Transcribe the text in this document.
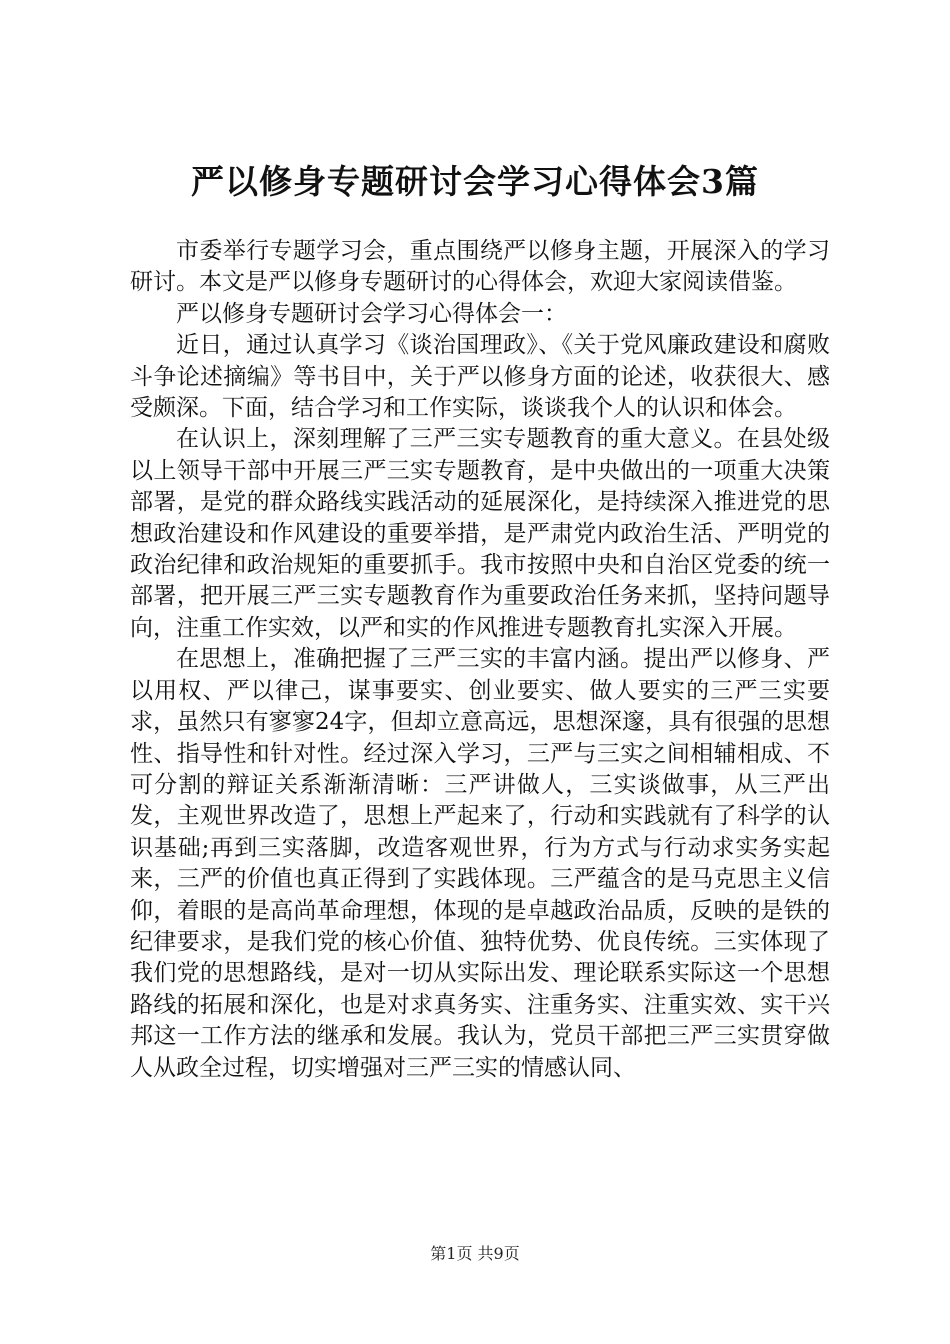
严以修身专题研讨会学习心得体会3篇

市委举行专题学习会，重点围绕严以修身主题，开展深入的学习研讨。本文是严以修身专题研讨的心得体会，欢迎大家阅读借鉴。

严以修身专题研讨会学习心得体会一：

近日，通过认真学习《谈治国理政》、《关于党风廉政建设和腐败斗争论述摘编》等书目中，关于严以修身方面的论述，收获很大、感受颇深。下面，结合学习和工作实际，谈谈我个人的认识和体会。

在认识上，深刻理解了三严三实专题教育的重大意义。在县处级以上领导干部中开展三严三实专题教育，是中央做出的一项重大决策部署，是党的群众路线实践活动的延展深化，是持续深入推进党的思想政治建设和作风建设的重要举措，是严肃党内政治生活、严明党的政治纪律和政治规矩的重要抓手。我市按照中央和自治区党委的统一部署，把开展三严三实专题教育作为重要政治任务来抓，坚持问题导向，注重工作实效，以严和实的作风推进专题教育扎实深入开展。

在思想上，准确把握了三严三实的丰富内涵。提出严以修身、严以用权、严以律己，谋事要实、创业要实、做人要实的三严三实要求，虽然只有寥寥24字，但却立意高远，思想深邃，具有很强的思想性、指导性和针对性。经过深入学习，三严与三实之间相辅相成、不可分割的辩证关系渐渐清晰：三严讲做人，三实谈做事，从三严出发，主观世界改造了，思想上严起来了，行动和实践就有了科学的认识基础;再到三实落脚，改造客观世界，行为方式与行动求实务实起来，三严的价值也真正得到了实践体现。三严蕴含的是马克思主义信仰，着眼的是高尚革命理想，体现的是卓越政治品质，反映的是铁的纪律要求，是我们党的核心价值、独特优势、优良传统。三实体现了我们党的思想路线，是对一切从实际出发、理论联系实际这一个思想路线的拓展和深化，也是对求真务实、注重务实、注重实效、实干兴邦这一工作方法的继承和发展。我认为，党员干部把三严三实贯穿做人从政全过程，切实增强对三严三实的情感认同、

第1页 共9页
